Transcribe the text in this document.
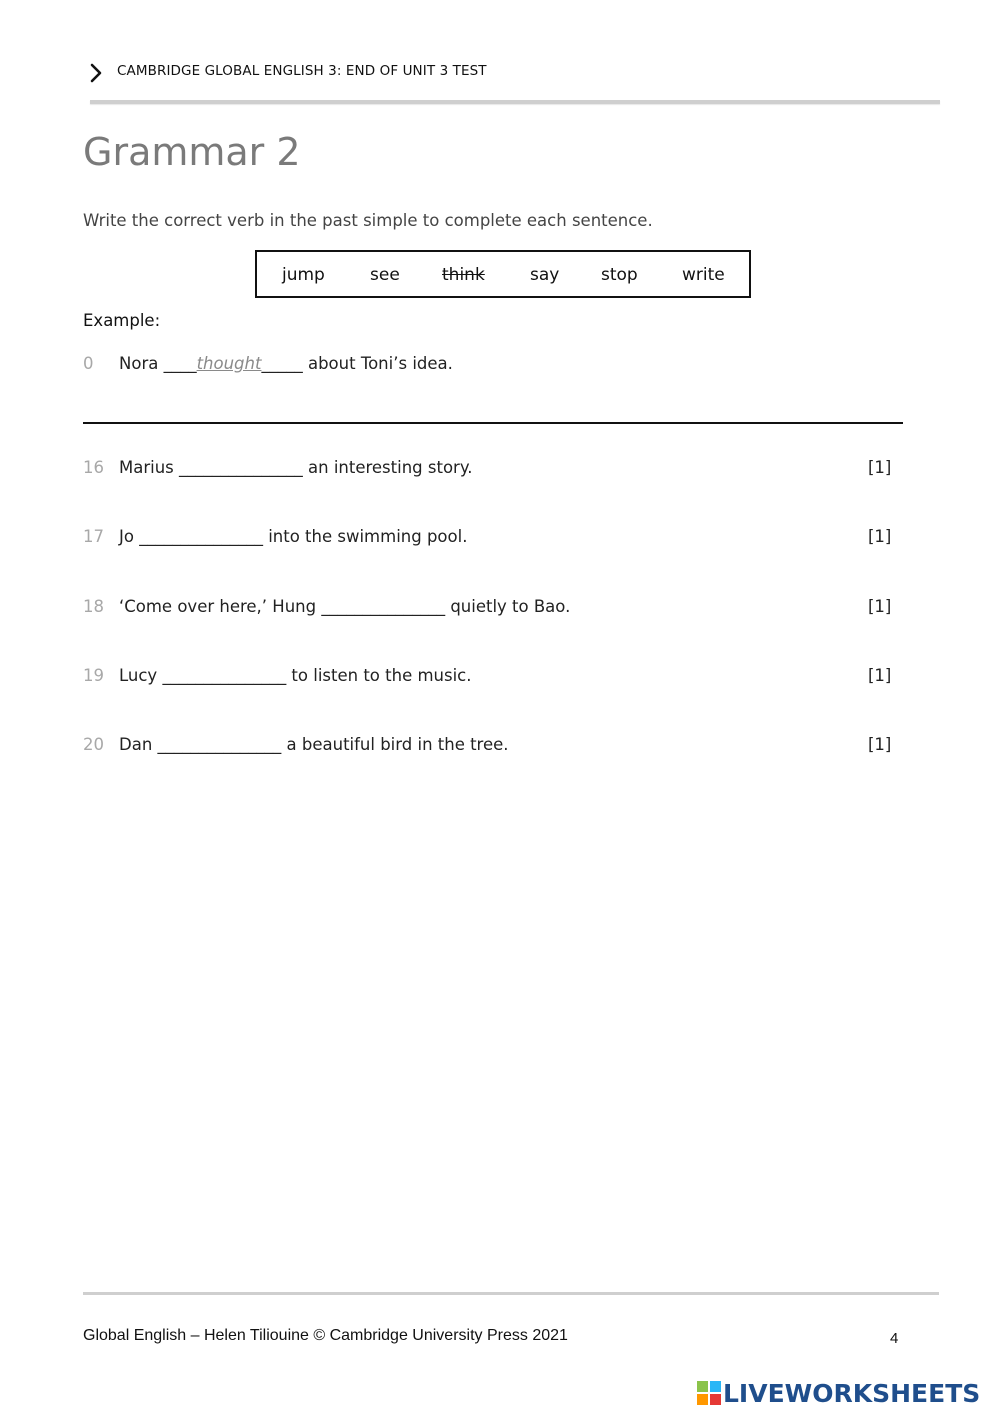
CAMBRIDGE GLOBAL ENGLISH 3: END OF UNIT 3 TEST
Grammar 2
Write the correct verb in the past simple to complete each sentence.
jump	see think	say stop	write
Example:
0 Nora ____thought_____ about Toni’s idea.
16 Marius _______________ an interesting story.	[1]
17 Jo _______________ into the swimming pool.	[1]
18 ‘Come over here,’ Hung _______________ quietly to Bao.	[1]
19 Lucy _______________ to listen to the music.	[1]
20 Dan _______________ a beautiful bird in the tree.	[1]
Global English – Helen Tiliouine © Cambridge University Press 2021	4
LIVEWORKSHEETS
